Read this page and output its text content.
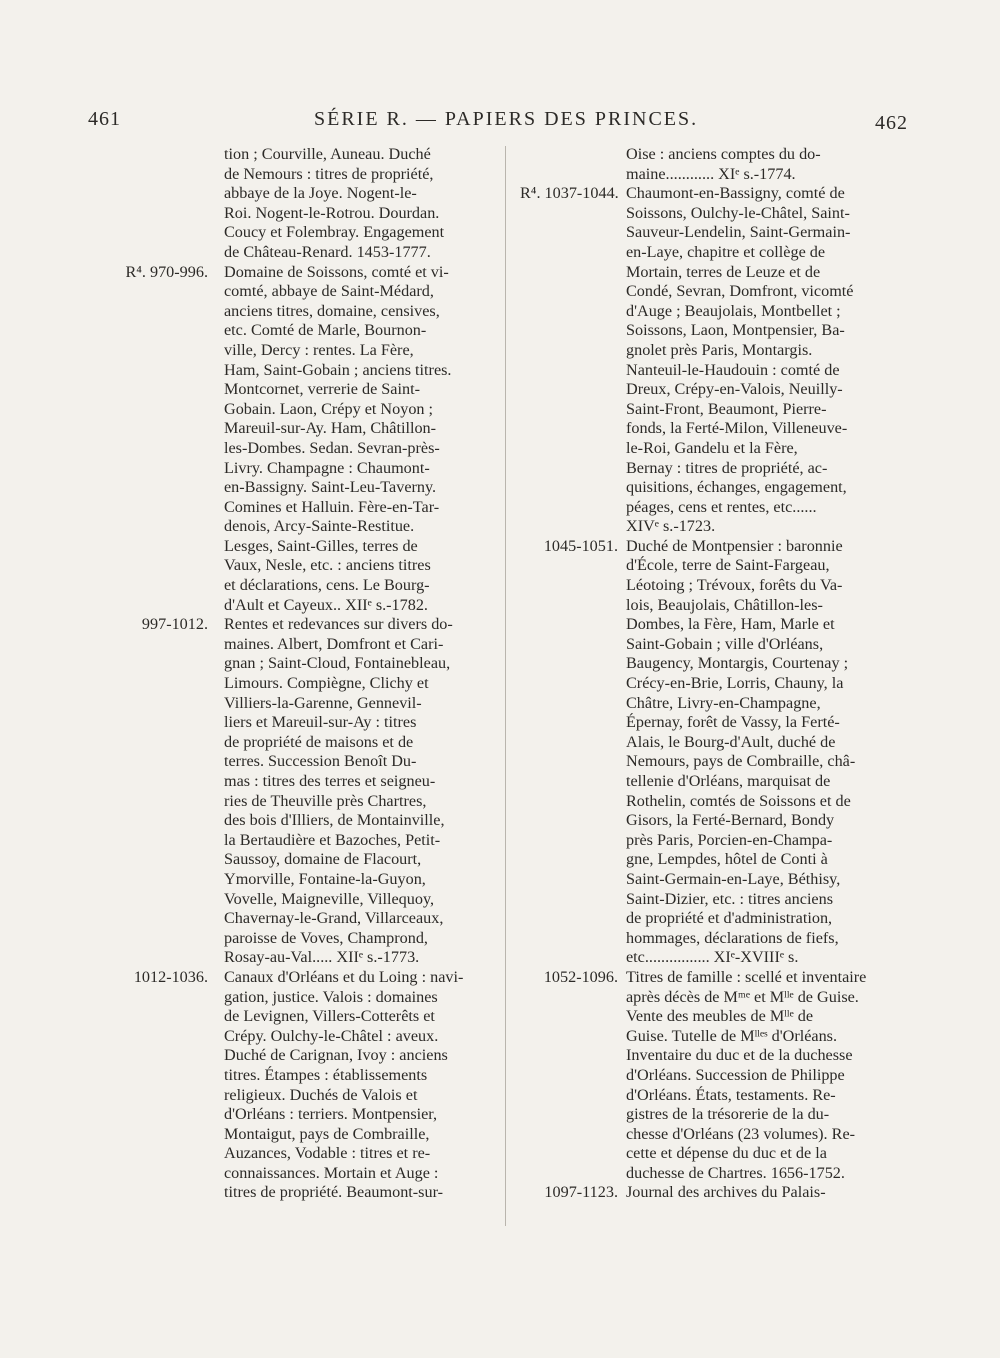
461	SÉRIE R. — PAPIERS DES PRINCES.	462
tion ; Courville, Auneau. Duché
de Nemours : titres de propriété,
abbaye de la Joye. Nogent-le-
Roi. Nogent-le-Rotrou. Dourdan.
Coucy et Folembray. Engagement
de Château-Renard. 1453-1777.
R⁴. 970-996. Domaine de Soissons, comté et vi-
comté, abbaye de Saint-Médard,
anciens titres, domaine, censives,
etc. Comté de Marle, Bournon-
ville, Dercy : rentes. La Fère,
Ham, Saint-Gobain ; anciens titres.
Montcornet, verrerie de Saint-
Gobain. Laon, Crépy et Noyon ;
Mareuil-sur-Ay. Ham, Châtillon-
les-Dombes. Sedan. Sevran-près-
Livry. Champagne : Chaumont-
en-Bassigny. Saint-Leu-Taverny.
Comines et Halluin. Fère-en-Tar-
denois, Arcy-Sainte-Restitue.
Lesges, Saint-Gilles, terres de
Vaux, Nesle, etc. : anciens titres
et déclarations, cens. Le Bourg-
d'Ault et Cayeux.. XIIᵉ s.-1782.
997-1012. Rentes et redevances sur divers do-
maines. Albert, Domfront et Cari-
gnan ; Saint-Cloud, Fontainebleau,
Limours. Compiègne, Clichy et
Villiers-la-Garenne, Gennevil-
liers et Mareuil-sur-Ay : titres
de propriété de maisons et de
terres. Succession Benoît Du-
mas : titres des terres et seigneu-
ries de Theuville près Chartres,
des bois d'Illiers, de Montainville,
la Bertaudière et Bazoches, Petit-
Saussoy, domaine de Flacourt,
Ymorville, Fontaine-la-Guyon,
Vovelle, Maigneville, Villequoy,
Chavernay-le-Grand, Villarceaux,
paroisse de Voves, Champrond,
Rosay-au-Val..... XIIᵉ s.-1773.
1012-1036. Canaux d'Orléans et du Loing : navi-
gation, justice. Valois : domaines
de Levignen, Villers-Cotterêts et
Crépy. Oulchy-le-Châtel : aveux.
Duché de Carignan, Ivoy : anciens
titres. Étampes : établissements
religieux. Duchés de Valois et
d'Orléans : terriers. Montpensier,
Montaigut, pays de Combraille,
Auzances, Vodable : titres et re-
connaissances. Mortain et Auge :
titres de propriété. Beaumont-sur-
Oise : anciens comptes du do-
maine............ XIᵉ s.-1774.
R⁴. 1037-1044. Chaumont-en-Bassigny, comté de
Soissons, Oulchy-le-Châtel, Saint-
Sauveur-Lendelin, Saint-Germain-
en-Laye, chapitre et collège de
Mortain, terres de Leuze et de
Condé, Sevran, Domfront, vicomté
d'Auge ; Beaujolais, Montbellet ;
Soissons, Laon, Montpensier, Ba-
gnolet près Paris, Montargis.
Nanteuil-le-Haudouin : comté de
Dreux, Crépy-en-Valois, Neuilly-
Saint-Front, Beaumont, Pierre-
fonds, la Ferté-Milon, Villeneuve-
le-Roi, Gandelu et la Fère,
Bernay : titres de propriété, ac-
quisitions, échanges, engagement,
péages, cens et rentes, etc......
XIVᵉ s.-1723.
1045-1051. Duché de Montpensier : baronnie
d'École, terre de Saint-Fargeau,
Léotoing ; Trévoux, forêts du Va-
lois, Beaujolais, Châtillon-les-
Dombes, la Fère, Ham, Marle et
Saint-Gobain ; ville d'Orléans,
Baugency, Montargis, Courtenay ;
Crécy-en-Brie, Lorris, Chauny, la
Châtre, Livry-en-Champagne,
Épernay, forêt de Vassy, la Ferté-
Alais, le Bourg-d'Ault, duché de
Nemours, pays de Combraille, châ-
tellenie d'Orléans, marquisat de
Rothelin, comtés de Soissons et de
Gisors, la Ferté-Bernard, Bondy
près Paris, Porcien-en-Champa-
gne, Lempdes, hôtel de Conti à
Saint-Germain-en-Laye, Béthisy,
Saint-Dizier, etc. : titres anciens
de propriété et d'administration,
hommages, déclarations de fiefs,
etc................ XIᵉ-XVIIIᵉ s.
1052-1096. Titres de famille : scellé et inventaire
après décès de Mᵐᵉ et Mˡˡᵉ de Guise.
Vente des meubles de Mˡˡᵉ de
Guise. Tutelle de Mˡˡᵉˢ d'Orléans.
Inventaire du duc et de la duchesse
d'Orléans. Succession de Philippe
d'Orléans. États, testaments. Re-
gistres de la trésorerie de la du-
chesse d'Orléans (23 volumes). Re-
cette et dépense du duc et de la
duchesse de Chartres. 1656-1752.
1097-1123. Journal des archives du Palais-
